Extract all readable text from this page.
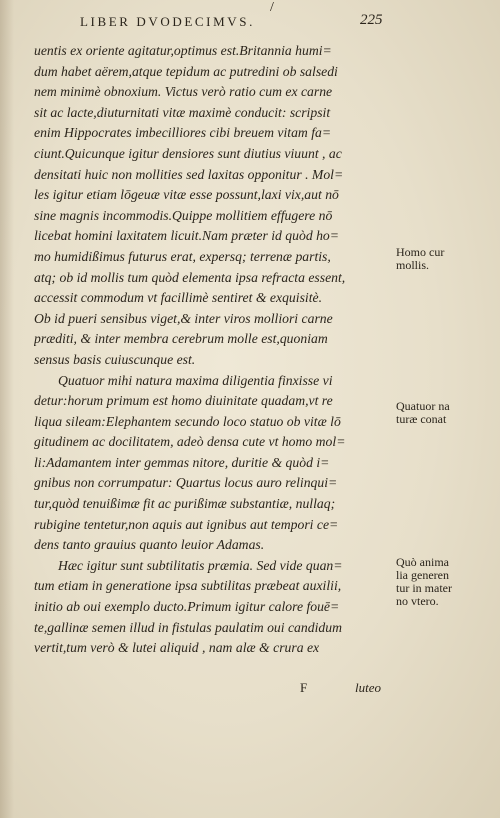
/
LIBER DVODECIMVS.	225
uentis ex oriente agitatur,optimus est.Britannia humi=
dum habet aërem,atque tepidum ac putredini ob salsedi
nem minimè obnoxium. Victus verò ratio cum ex carne
sit ac lacte,diuturnitati vitæ maximè conducit: scripsit
enim Hippocrates imbecilliores cibi breuem vitam fa=
ciunt.Quicunque igitur densiores sunt diutius viuunt , ac
densitati huic non mollities sed laxitas opponitur . Mol=
les igitur etiam lōgeuæ vitæ esse possunt,laxi vix,aut nō
sine magnis incommodis.Quippe mollitiem effugere nō
licebat homini laxitatem licuit.Nam præter id quòd ho=
mo humidißimus futurus erat, expersq; terrenæ partis,
atq; ob id mollis tum quòd elementa ipsa refracta essent,
accessit commodum vt facillimè sentiret & exquisitè.
Ob id pueri sensibus viget,& inter viros molliori carne
præditi, & inter membra cerebrum molle est,quoniam
sensus basis cuiuscunque est.
Quatuor mihi natura maxima diligentia finxisse vi
detur:horum primum est homo diuinitate quadam,vt re
liqua sileam:Elephantem secundo loco statuo ob vitæ lō
gitudinem ac docilitatem, adeò densa cute vt homo mol=
li:Adamantem inter gemmas nitore, duritie & quòd i=
gnibus non corrumpatur: Quartus locus auro relinqui=
tur,quòd tenuißimæ fit ac purißimæ substantiæ, nullaq;
rubigine tentetur,non aquis aut ignibus aut tempori ce=
dens tanto grauius quanto leuior Adamas.
Hæc igitur sunt subtilitatis præmia. Sed vide quan=
tum etiam in generatione ipsa subtilitas præbeat auxilii,
initio ab oui exemplo ducto.Primum igitur calore fouē=
te,gallinæ semen illud in fistulas paulatim oui candidum
vertit,tum verò & lutei aliquid , nam alæ & crura ex
Homo cur
mollis.
Quatuor na
turæ conat
Quò anima
lia generen
tur in mater
no vtero.
F	luteo
